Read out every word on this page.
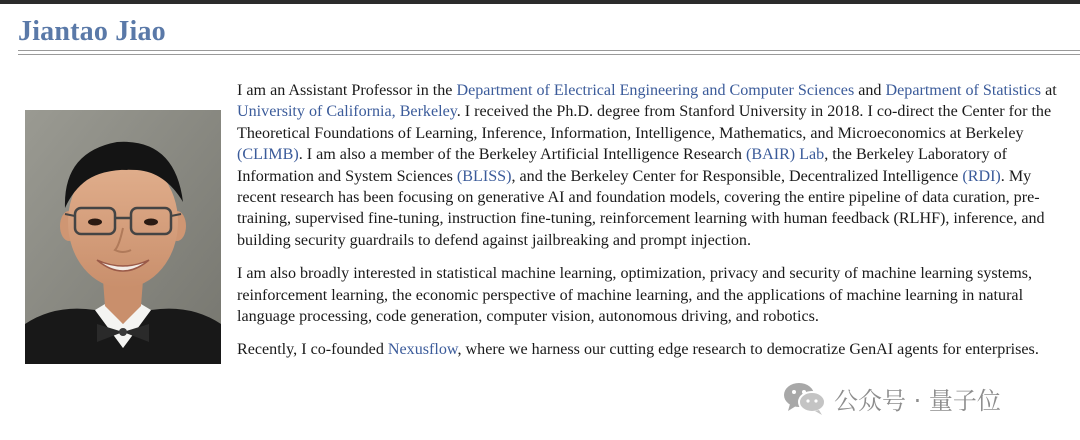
Jiantao Jiao

I am an Assistant Professor in the Department of Electrical Engineering and Computer Sciences and Department of Statistics at University of California, Berkeley. I received the Ph.D. degree from Stanford University in 2018. I co-direct the Center for the Theoretical Foundations of Learning, Inference, Information, Intelligence, Mathematics, and Microeconomics at Berkeley (CLIMB). I am also a member of the Berkeley Artificial Intelligence Research (BAIR) Lab, the Berkeley Laboratory of Information and System Sciences (BLISS), and the Berkeley Center for Responsible, Decentralized Intelligence (RDI). My recent research has been focusing on generative AI and foundation models, covering the entire pipeline of data curation, pre-training, supervised fine-tuning, instruction fine-tuning, reinforcement learning with human feedback (RLHF), inference, and building security guardrails to defend against jailbreaking and prompt injection.

I am also broadly interested in statistical machine learning, optimization, privacy and security of machine learning systems, reinforcement learning, the economic perspective of machine learning, and the applications of machine learning in natural language processing, code generation, computer vision, autonomous driving, and robotics.

Recently, I co-founded Nexusflow, where we harness our cutting edge research to democratize GenAI agents for enterprises.

公众号 · 量子位
